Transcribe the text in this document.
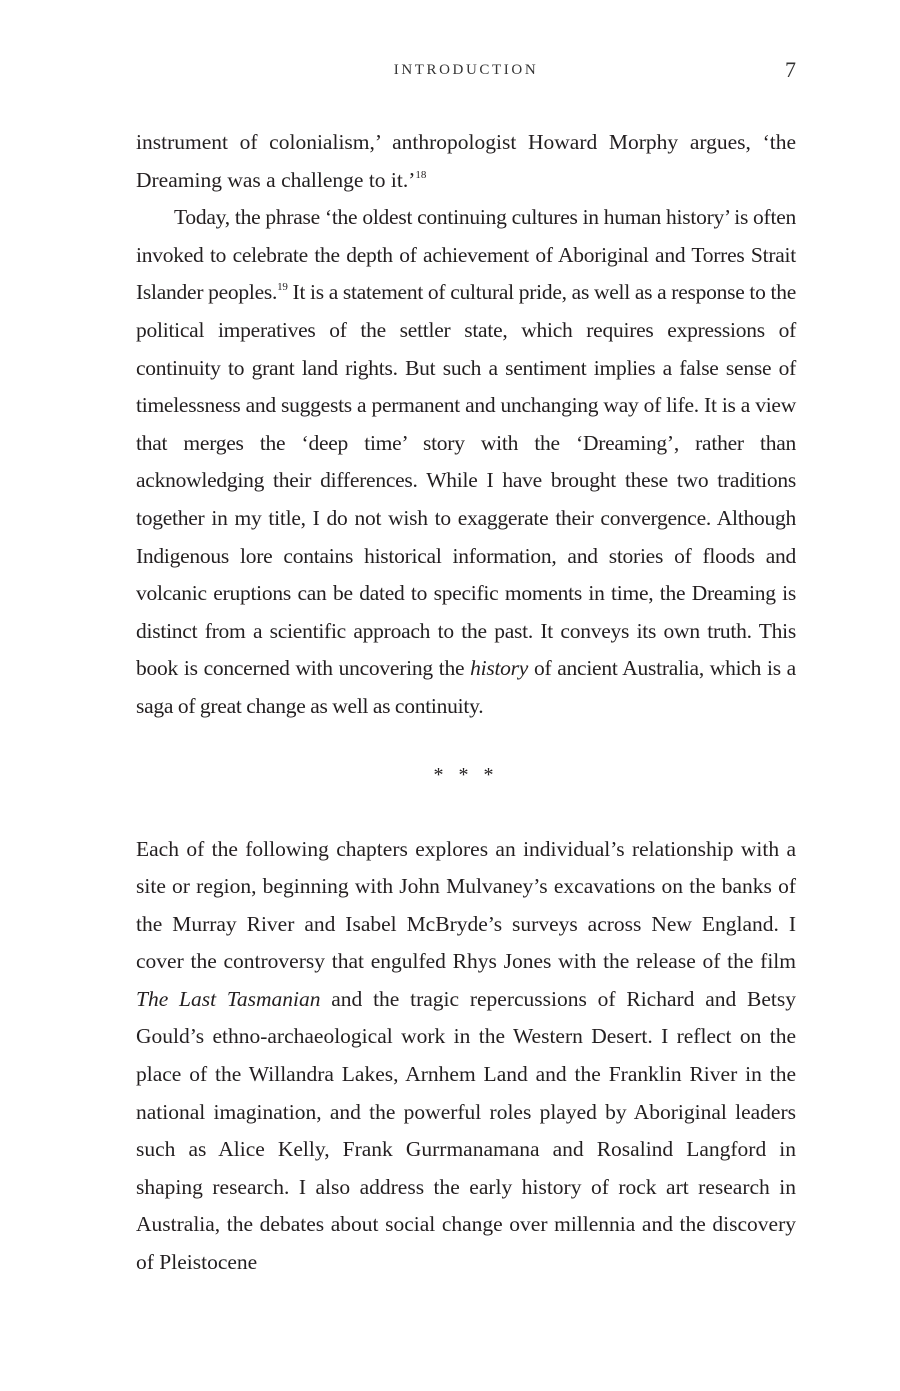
INTRODUCTION	7

instrument of colonialism,’ anthropologist Howard Morphy argues, ‘the Dreaming was a challenge to it.’$^{18}$

Today, the phrase ‘the oldest continuing cultures in human history’ is often invoked to celebrate the depth of achievement of Aboriginal and Torres Strait Islander peoples.$^{19}$ It is a statement of cultural pride, as well as a response to the political imperatives of the settler state, which requires expressions of continuity to grant land rights. But such a sentiment implies a false sense of timelessness and suggests a permanent and unchanging way of life. It is a view that merges the ‘deep time’ story with the ‘Dreaming’, rather than acknowledging their differences. While I have brought these two traditions together in my title, I do not wish to exaggerate their convergence. Although Indigenous lore contains historical information, and stories of floods and volcanic eruptions can be dated to specific moments in time, the Dreaming is distinct from a scientific approach to the past. It conveys its own truth. This book is concerned with uncovering the history of ancient Australia, which is a saga of great change as well as continuity.

* * *

Each of the following chapters explores an individual’s relationship with a site or region, beginning with John Mulvaney’s excavations on the banks of the Murray River and Isabel McBryde’s surveys across New England. I cover the controversy that engulfed Rhys Jones with the release of the film The Last Tasmanian and the tragic repercussions of Richard and Betsy Gould’s ethno-archaeological work in the Western Desert. I reflect on the place of the Willandra Lakes, Arnhem Land and the Franklin River in the national imagination, and the powerful roles played by Aboriginal leaders such as Alice Kelly, Frank Gurrmanamana and Rosalind Langford in shaping research. I also address the early history of rock art research in Australia, the debates about social change over millennia and the discovery of Pleistocene
